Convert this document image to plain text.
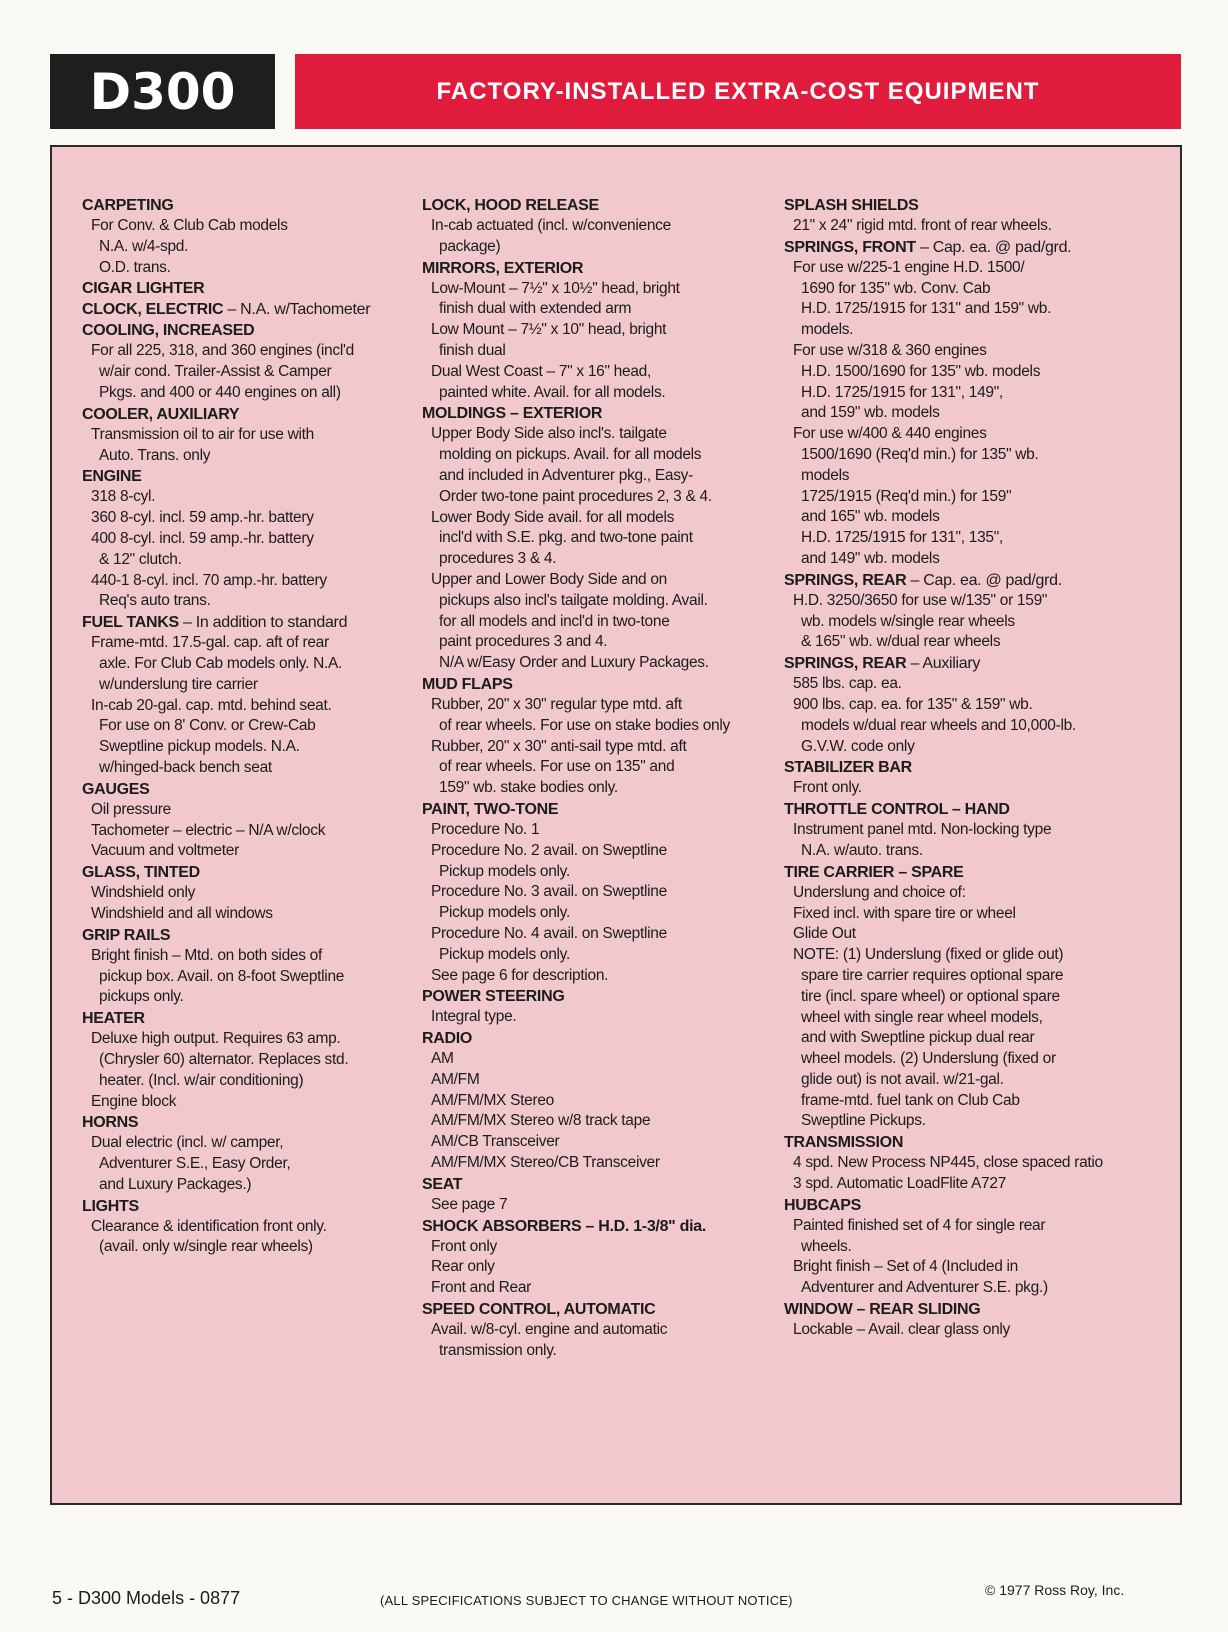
D300	FACTORY-INSTALLED EXTRA-COST EQUIPMENT
CARPETING
For Conv. & Club Cab models
N.A. w/4-spd.
O.D. trans.
CIGAR LIGHTER
CLOCK, ELECTRIC – N.A. w/Tachometer
COOLING, INCREASED
For all 225, 318, and 360 engines (incl'd
w/air cond. Trailer-Assist & Camper
Pkgs. and 400 or 440 engines on all)
COOLER, AUXILIARY
Transmission oil to air for use with
Auto. Trans. only
ENGINE
318 8-cyl.
360 8-cyl. incl. 59 amp.-hr. battery
400 8-cyl. incl. 59 amp.-hr. battery
& 12" clutch.
440-1 8-cyl. incl. 70 amp.-hr. battery
Req's auto trans.
FUEL TANKS – In addition to standard
Frame-mtd. 17.5-gal. cap. aft of rear
axle. For Club Cab models only. N.A.
w/underslung tire carrier
In-cab 20-gal. cap. mtd. behind seat.
For use on 8' Conv. or Crew-Cab
Sweptline pickup models. N.A.
w/hinged-back bench seat
GAUGES
Oil pressure
Tachometer – electric – N/A w/clock
Vacuum and voltmeter
GLASS, TINTED
Windshield only
Windshield and all windows
GRIP RAILS
Bright finish – Mtd. on both sides of
pickup box. Avail. on 8-foot Sweptline
pickups only.
HEATER
Deluxe high output. Requires 63 amp.
(Chrysler 60) alternator. Replaces std.
heater. (Incl. w/air conditioning)
Engine block
HORNS
Dual electric (incl. w/ camper,
Adventurer S.E., Easy Order,
and Luxury Packages.)
LIGHTS
Clearance & identification front only.
(avail. only w/single rear wheels)
LOCK, HOOD RELEASE
In-cab actuated (incl. w/convenience
package)
MIRRORS, EXTERIOR
Low-Mount – 7½" x 10½" head, bright
finish dual with extended arm
Low Mount – 7½" x 10" head, bright
finish dual
Dual West Coast – 7" x 16" head,
painted white. Avail. for all models.
MOLDINGS – EXTERIOR
Upper Body Side also incl's. tailgate
molding on pickups. Avail. for all models
and included in Adventurer pkg., Easy-
Order two-tone paint procedures 2, 3 & 4.
Lower Body Side avail. for all models
incl'd with S.E. pkg. and two-tone paint
procedures 3 & 4.
Upper and Lower Body Side and on
pickups also incl's tailgate molding. Avail.
for all models and incl'd in two-tone
paint procedures 3 and 4.
N/A w/Easy Order and Luxury Packages.
MUD FLAPS
Rubber, 20" x 30" regular type mtd. aft
of rear wheels. For use on stake bodies only
Rubber, 20" x 30" anti-sail type mtd. aft
of rear wheels. For use on 135" and
159" wb. stake bodies only.
PAINT, TWO-TONE
Procedure No. 1
Procedure No. 2 avail. on Sweptline
Pickup models only.
Procedure No. 3 avail. on Sweptline
Pickup models only.
Procedure No. 4 avail. on Sweptline
Pickup models only.
See page 6 for description.
POWER STEERING
Integral type.
RADIO
AM
AM/FM
AM/FM/MX Stereo
AM/FM/MX Stereo w/8 track tape
AM/CB Transceiver
AM/FM/MX Stereo/CB Transceiver
SEAT
See page 7
SHOCK ABSORBERS – H.D. 1-3/8" dia.
Front only
Rear only
Front and Rear
SPEED CONTROL, AUTOMATIC
Avail. w/8-cyl. engine and automatic
transmission only.
SPLASH SHIELDS
21" x 24" rigid mtd. front of rear wheels.
SPRINGS, FRONT – Cap. ea. @ pad/grd.
For use w/225-1 engine H.D. 1500/
1690 for 135" wb. Conv. Cab
H.D. 1725/1915 for 131" and 159" wb.
models.
For use w/318 & 360 engines
H.D. 1500/1690 for 135" wb. models
H.D. 1725/1915 for 131", 149",
and 159" wb. models
For use w/400 & 440 engines
1500/1690 (Req'd min.) for 135" wb.
models
1725/1915 (Req'd min.) for 159"
and 165" wb. models
H.D. 1725/1915 for 131", 135",
and 149" wb. models
SPRINGS, REAR – Cap. ea. @ pad/grd.
H.D. 3250/3650 for use w/135" or 159"
wb. models w/single rear wheels
& 165" wb. w/dual rear wheels
SPRINGS, REAR – Auxiliary
585 lbs. cap. ea.
900 lbs. cap. ea. for 135" & 159" wb.
models w/dual rear wheels and 10,000-lb.
G.V.W. code only
STABILIZER BAR
Front only.
THROTTLE CONTROL – HAND
Instrument panel mtd. Non-locking type
N.A. w/auto. trans.
TIRE CARRIER – SPARE
Underslung and choice of:
Fixed incl. with spare tire or wheel
Glide Out
NOTE: (1) Underslung (fixed or glide out)
spare tire carrier requires optional spare
tire (incl. spare wheel) or optional spare
wheel with single rear wheel models,
and with Sweptline pickup dual rear
wheel models. (2) Underslung (fixed or
glide out) is not avail. w/21-gal.
frame-mtd. fuel tank on Club Cab
Sweptline Pickups.
TRANSMISSION
4 spd. New Process NP445, close spaced ratio
3 spd. Automatic LoadFlite A727
HUBCAPS
Painted finished set of 4 for single rear
wheels.
Bright finish – Set of 4 (Included in
Adventurer and Adventurer S.E. pkg.)
WINDOW – REAR SLIDING
Lockable – Avail. clear glass only
5 - D300 Models - 0877	(ALL SPECIFICATIONS SUBJECT TO CHANGE WITHOUT NOTICE)
© 1977 Ross Roy, Inc.
